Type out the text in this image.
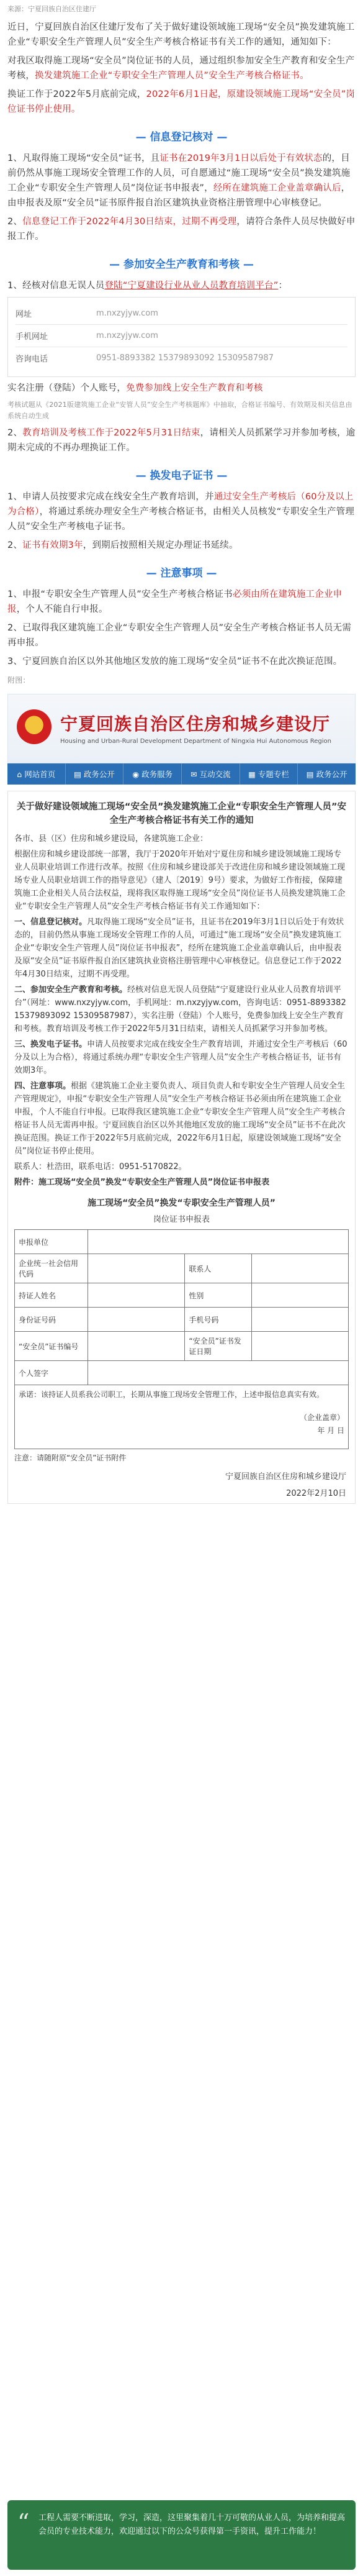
来源：宁夏回族自治区住建厅

近日，宁夏回族自治区住建厅发布了关于做好建设领域施工现场“安全员”换发建筑施工企业“专职安全生产管理人员”安全生产考核合格证书有关工作的通知，通知如下：

对我区取得施工现场“安全员”岗位证书的人员，通过组织参加安全生产教育和安全生产考核，换发建筑施工企业“专职安全生产管理人员”安全生产考核合格证书。

换证工作于2022年5月底前完成，2022年6月1日起，原建设领域施工现场“安全员”岗位证书停止使用。

— 信息登记核对 —

1、凡取得施工现场“安全员”证书，且证书在2019年3月1日以后处于有效状态的，目前仍然从事施工现场安全管理工作的人员，可自愿通过“施工现场“安全员”换发建筑施工企业“专职安全生产管理人员”岗位证书申报表”，经所在建筑施工企业盖章确认后，由申报表及原“安全员”证书原件报自治区建筑执业资格注册管理中心审核登记。

2、信息登记工作于2022年4月30日结束，过期不再受理，请符合条件人员尽快做好申报工作。

— 参加安全生产教育和考核 —

1、经核对信息无误人员登陆“宁夏建设行业从业人员教育培训平台”：

网址	m.nxzyjyw.com
手机网址	m.nxzyjyw.com
咨询电话	0951-8893382 15379893092 15309587987

实名注册（登陆）个人账号，免费参加线上安全生产教育和考核

考核试题从《2021版建筑施工企业“安管人员”安全生产考核题库》中抽取，合格证书编号、有效期及相关信息由系统自动生成

2、教育培训及考核工作于2022年5月31日结束，请相关人员抓紧学习并参加考核，逾期未完成的不再办理换证工作。

— 换发电子证书 —

1、申请人员按要求完成在线安全生产教育培训，并通过安全生产考核后（60分及以上为合格），将通过系统办理安全生产考核合格证书，由相关人员核发“专职安全生产管理人员”安全生产考核电子证书。

2、证书有效期3年，到期后按照相关规定办理证书延续。

— 注意事项 —

1、申报“专职安全生产管理人员”安全生产考核合格证书必须由所在建筑施工企业申报，个人不能自行申报。

2、已取得我区建筑施工企业“专职安全生产管理人员”安全生产考核合格证书人员无需再申报。

3、宁夏回族自治区以外其他地区发放的施工现场“安全员”证书不在此次换证范围。

附图：

宁夏回族自治区住房和城乡建设厅
Housing and Urban-Rural Development Department of Ningxia Hui Autonomous Region
⌂ 网站首页 ▤ 政务公开 ◉ 政务服务 ✉ 互动交流 ▦ 专题专栏 ▤ 政务公开
关于做好建设领域施工现场“安全员”换发建筑施工企业“专职安全生产管理人员”安全生产考核合格证书有关工作的通知

各市、县（区）住房和城乡建设局，各建筑施工企业：

根据住房和城乡建设部统一部署，我厅于2020年开始对宁夏住房和城乡建设领域施工现场专业人员职业培训工作进行改革。按照《住房和城乡建设部关于改进住房和城乡建设领域施工现场专业人员职业培训工作的指导意见》（建人〔2019〕9号）要求，为做好工作衔接，保障建筑施工企业相关人员合法权益，现将我区取得施工现场“安全员”岗位证书人员换发建筑施工企业“专职安全生产管理人员”安全生产考核合格证书有关工作通知如下：

一、信息登记核对。凡取得施工现场“安全员”证书，且证书在2019年3月1日以后处于有效状态的，目前仍然从事施工现场安全管理工作的人员，可通过“施工现场“安全员”换发建筑施工企业“专职安全生产管理人员”岗位证书申报表”，经所在建筑施工企业盖章确认后，由申报表及原“安全员”证书原件报自治区建筑执业资格注册管理中心审核登记。信息登记工作于2022年4月30日结束，过期不再受理。

二、参加安全生产教育和考核。经核对信息无误人员登陆“宁夏建设行业从业人员教育培训平台”（网址：www.nxzyjyw.com，手机网址：m.nxzyjyw.com，咨询电话：0951-8893382 15379893092 15309587987），实名注册（登陆）个人账号，免费参加线上安全生产教育和考核。教育培训及考核工作于2022年5月31日结束，请相关人员抓紧学习并参加考核。

三、换发电子证书。申请人员按要求完成在线安全生产教育培训，并通过安全生产考核后（60分及以上为合格），将通过系统办理“专职安全生产管理人员”安全生产考核合格证书，证书有效期3年。

四、注意事项。根据《建筑施工企业主要负责人、项目负责人和专职安全生产管理人员安全生产管理规定》，申报“专职安全生产管理人员”安全生产考核合格证书必须由所在建筑施工企业申报，个人不能自行申报。已取得我区建筑施工企业“专职安全生产管理人员”安全生产考核合格证书人员无需再申报。宁夏回族自治区以外其他地区发放的施工现场“安全员”证书不在此次换证范围。换证工作于2022年5月底前完成，2022年6月1日起，原建设领域施工现场“安全员”岗位证书停止使用。

联系人：杜浩田，联系电话：0951-5170822。

附件：施工现场“安全员”换发“专职安全生产管理人员”岗位证书申报表

施工现场“安全员”换发“专职安全生产管理人员”
岗位证书申报表
申报单位			
企业统一社会信用代码		联系人	
持证人姓名		性别	
身份证号码		手机号码	
“安全员”证书编号		“安全员”证书发证日期	
个人签字			

承诺：该持证人员系我公司职工，长期从事施工现场安全管理工作，上述申报信息真实有效。
（企业盖章）
年 月 日			

注意：请随附原“安全员”证书附件

宁夏回族自治区住房和城乡建设厅
2022年2月10日
“ 工程人需要不断进取，学习，深造，这里聚集着几十万可敬的从业人员，为培养和提高会员的专业技术能力，欢迎通过以下的公众号获得第一手资讯，提升工作能力！
